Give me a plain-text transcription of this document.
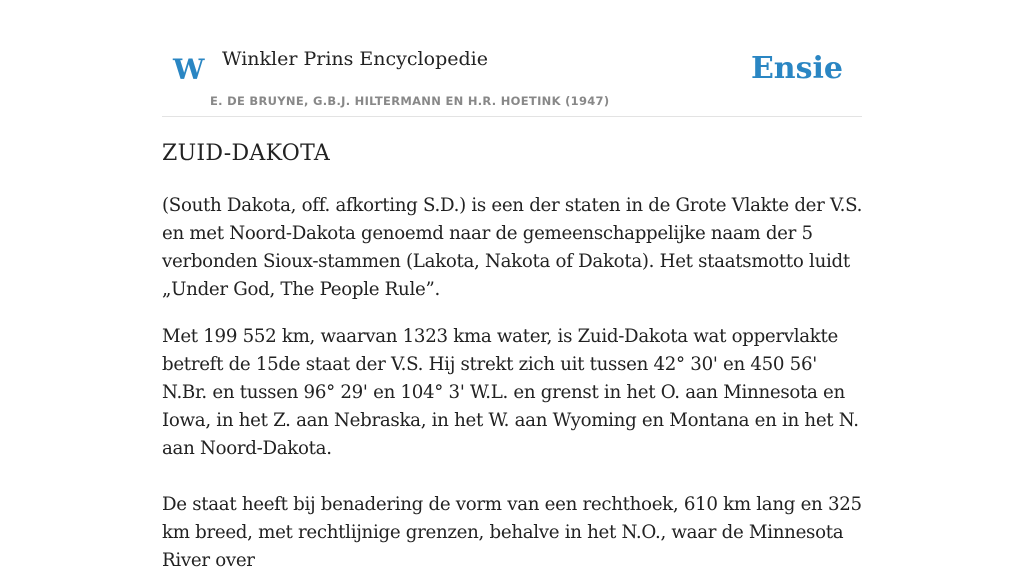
W Winkler Prins Encyclopedie	Ensie
E. DE BRUYNE, G.B.J. HILTERMANN EN H.R. HOETINK (1947)
ZUID-DAKOTA

(South Dakota, off. afkorting S.D.) is een der staten in de Grote Vlakte der V.S. en met Noord-Dakota genoemd naar de gemeenschappelijke naam der 5 verbonden Sioux-stammen (Lakota, Nakota of Dakota). Het staatsmotto luidt „Under God, The People Rule”.

Met 199 552 km, waarvan 1323 kma water, is Zuid-Dakota wat oppervlakte betreft de 15de staat der V.S. Hij strekt zich uit tussen 42° 30' en 450 56' N.Br. en tussen 96° 29' en 104° 3' W.L. en grenst in het O. aan Minnesota en Iowa, in het Z. aan Nebraska, in het W. aan Wyoming en Montana en in het N. aan Noord-Dakota.

De staat heeft bij benadering de vorm van een rechthoek, 610 km lang en 325 km breed, met rechtlijnige grenzen, behalve in het N.O., waar de Minnesota River over
